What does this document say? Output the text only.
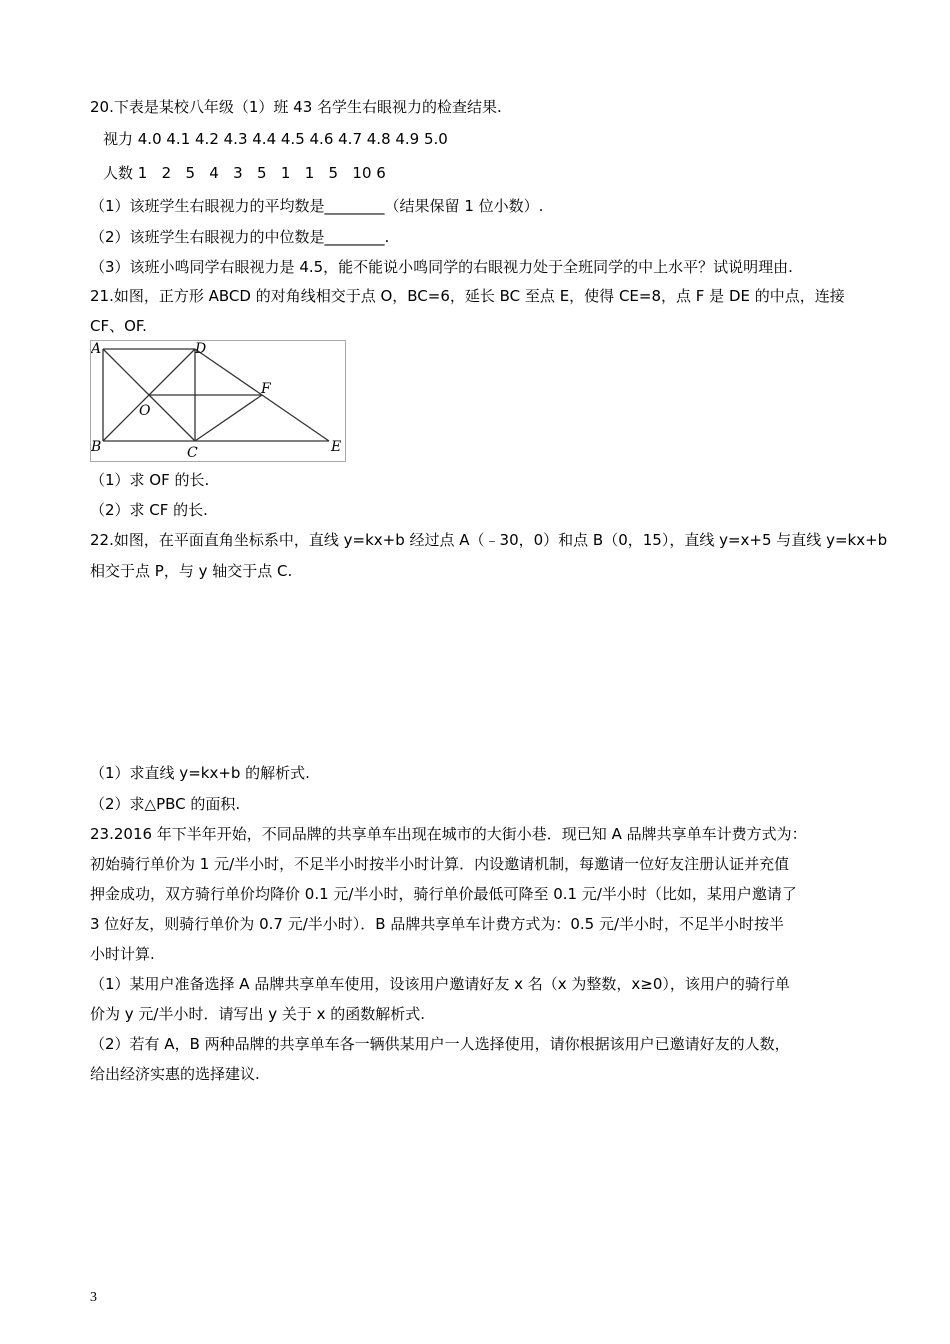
20.下表是某校八年级（1）班 43 名学生右眼视力的检查结果.
视力 4.0 4.1 4.2 4.3 4.4 4.5 4.6 4.7 4.8 4.9 5.0
人数 1   2   5   4   3   5   1   1   5   10 6
（1）该班学生右眼视力的平均数是________（结果保留 1 位小数）.
（2）该班学生右眼视力的中位数是________.
（3）该班小鸣同学右眼视力是 4.5，能不能说小鸣同学的右眼视力处于全班同学的中上水平？试说明理由.
21.如图，正方形 ABCD 的对角线相交于点 O，BC=6，延长 BC 至点 E，使得 CE=8，点 F 是 DE 的中点，连接
CF、OF.
A	D
F
O
B	C	E
（1）求 OF 的长.
（2）求 CF 的长.
22.如图，在平面直角坐标系中，直线 y=kx+b 经过点 A（﹣30，0）和点 B（0，15），直线 y=x+5 与直线 y=kx+b
相交于点 P，与 y 轴交于点 C.
（1）求直线 y=kx+b 的解析式.
（2）求△PBC 的面积.
23.2016 年下半年开始，不同品牌的共享单车出现在城市的大街小巷．现已知 A 品牌共享单车计费方式为：
初始骑行单价为 1 元/半小时，不足半小时按半小时计算．内设邀请机制，每邀请一位好友注册认证并充值
押金成功，双方骑行单价均降价 0.1 元/半小时，骑行单价最低可降至 0.1 元/半小时（比如，某用户邀请了
3 位好友，则骑行单价为 0.7 元/半小时）．B 品牌共享单车计费方式为：0.5 元/半小时，不足半小时按半
小时计算.
（1）某用户准备选择 A 品牌共享单车使用，设该用户邀请好友 x 名（x 为整数，x≥0），该用户的骑行单
价为 y 元/半小时．请写出 y 关于 x 的函数解析式.
（2）若有 A，B 两种品牌的共享单车各一辆供某用户一人选择使用，请你根据该用户已邀请好友的人数，
给出经济实惠的选择建议.
3
